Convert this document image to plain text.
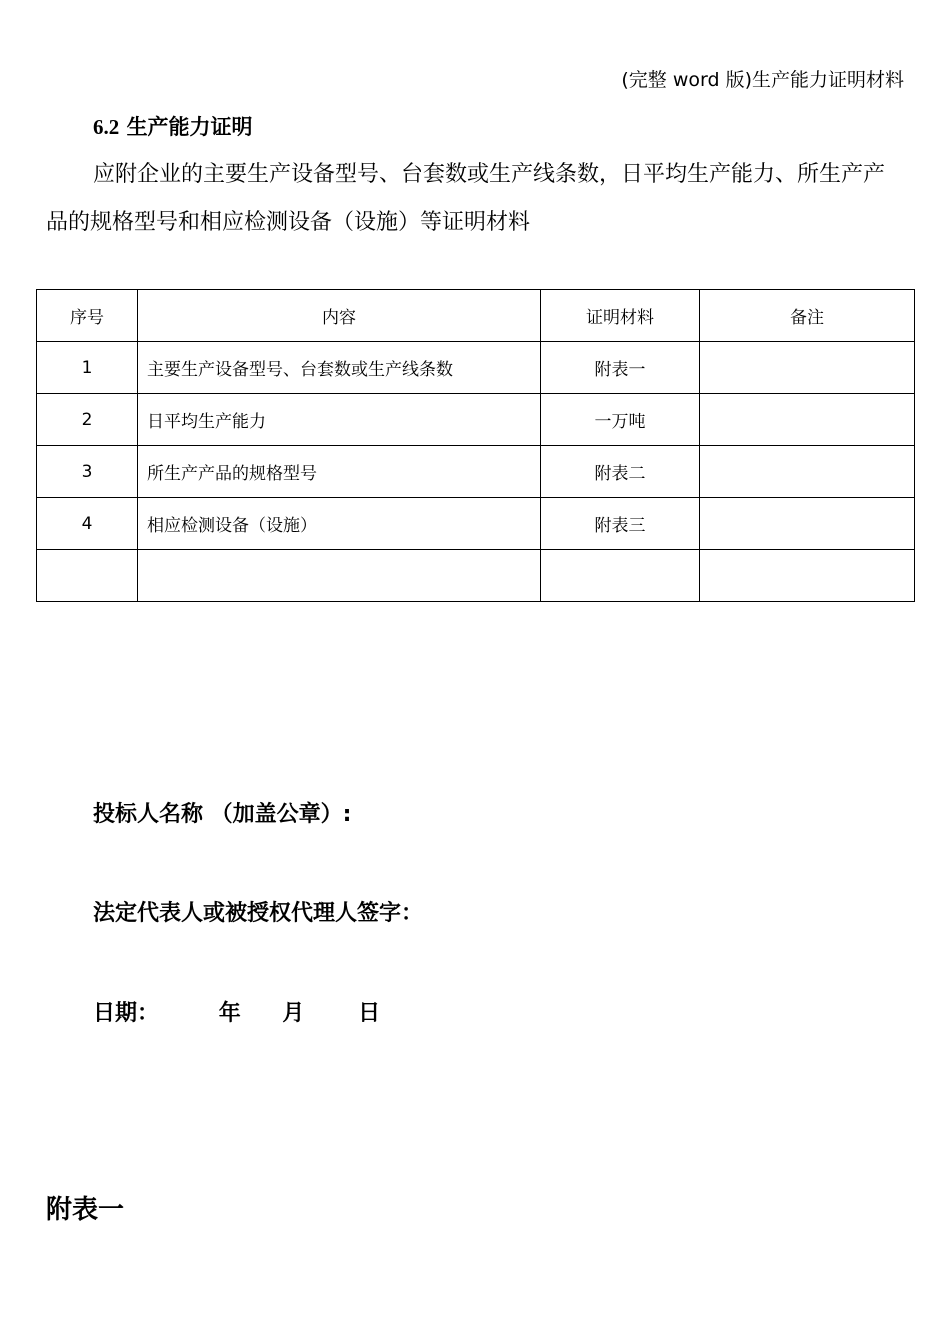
(完整 word 版)生产能力证明材料
6.2 生产能力证明

应附企业的主要生产设备型号、台套数或生产线条数，日平均生产能力、所生产产品的规格型号和相应检测设备（设施）等证明材料

序号	内容	证明材料	备注
1	主要生产设备型号、台套数或生产线条数	附表一	
2	日平均生产能力	一万吨	
3	所生产产品的规格型号	附表二	
4	相应检测设备（设施）	附表三	

投标人名称 （加盖公章）:
法定代表人或被授权代理人签字：
日期：	年 月 日
附表一
